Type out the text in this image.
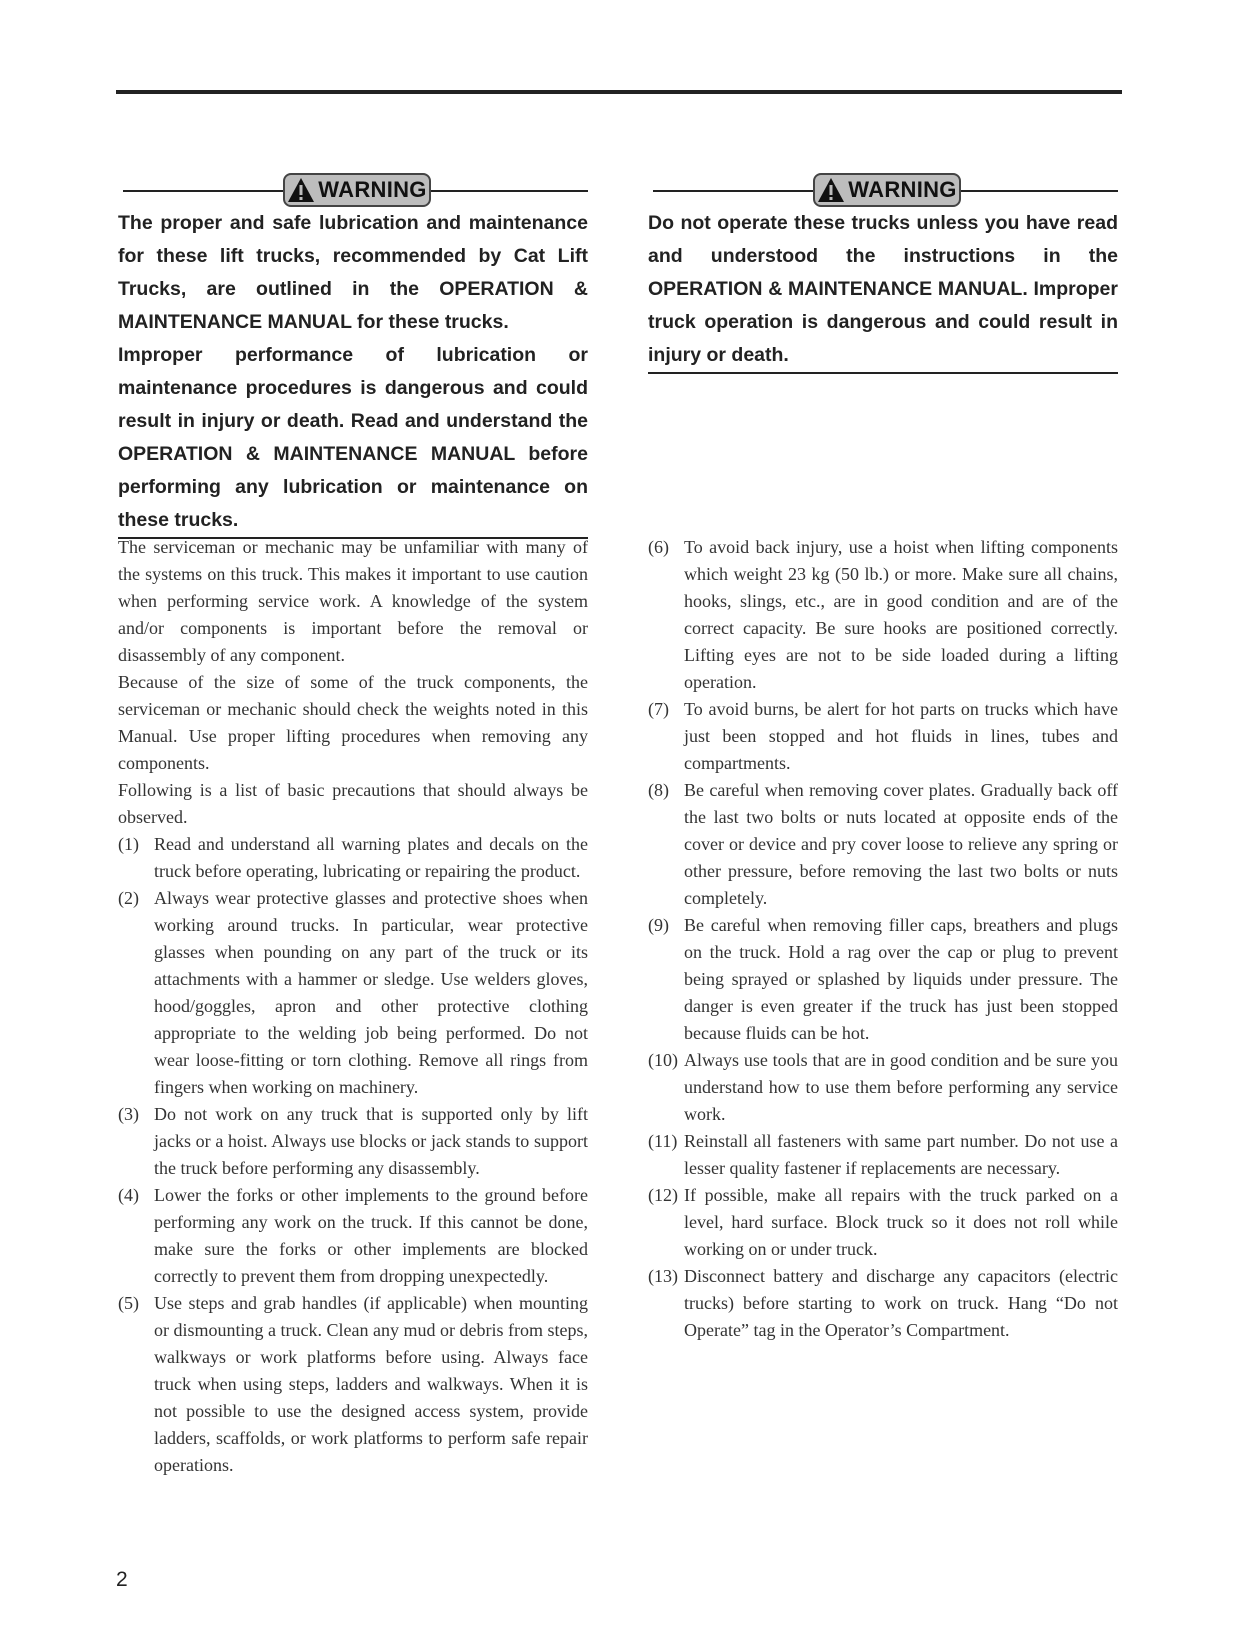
WARNING

The proper and safe lubrication and maintenance for these lift trucks, recommended by Cat Lift Trucks, are outlined in the OPERATION & MAINTENANCE MANUAL for these trucks.

Improper performance of lubrication or maintenance procedures is dangerous and could result in injury or death. Read and understand the OPERATION & MAINTENANCE MANUAL before performing any lubrication or maintenance on these trucks.

WARNING

Do not operate these trucks unless you have read and understood the instructions in the OPERATION & MAINTENANCE MANUAL. Improper truck operation is dangerous and could result in injury or death.

The serviceman or mechanic may be unfamiliar with many of the systems on this truck. This makes it important to use caution when performing service work. A knowledge of the system and/or components is important before the removal or disassembly of any component.

Because of the size of some of the truck components, the serviceman or mechanic should check the weights noted in this Manual. Use proper lifting procedures when removing any components.

Following is a list of basic precautions that should always be observed.

(1) Read and understand all warning plates and decals on the truck before operating, lubricating or repairing the product.
(2) Always wear protective glasses and protective shoes when working around trucks. In particular, wear protective glasses when pounding on any part of the truck or its attachments with a hammer or sledge. Use welders gloves, hood/goggles, apron and other protective clothing appropriate to the welding job being performed. Do not wear loose-fitting or torn clothing. Remove all rings from fingers when working on machinery.
(3) Do not work on any truck that is supported only by lift jacks or a hoist. Always use blocks or jack stands to support the truck before performing any disassembly.
(4) Lower the forks or other implements to the ground before performing any work on the truck. If this cannot be done, make sure the forks or other implements are blocked correctly to prevent them from dropping unexpectedly.
(5) Use steps and grab handles (if applicable) when mounting or dismounting a truck. Clean any mud or debris from steps, walkways or work platforms before using. Always face truck when using steps, ladders and walkways. When it is not possible to use the designed access system, provide ladders, scaffolds, or work platforms to perform safe repair operations.
(6) To avoid back injury, use a hoist when lifting components which weight 23 kg (50 lb.) or more. Make sure all chains, hooks, slings, etc., are in good condition and are of the correct capacity. Be sure hooks are positioned correctly. Lifting eyes are not to be side loaded during a lifting operation.
(7) To avoid burns, be alert for hot parts on trucks which have just been stopped and hot fluids in lines, tubes and compartments.
(8) Be careful when removing cover plates. Gradually back off the last two bolts or nuts located at opposite ends of the cover or device and pry cover loose to relieve any spring or other pressure, before removing the last two bolts or nuts completely.
(9) Be careful when removing filler caps, breathers and plugs on the truck. Hold a rag over the cap or plug to prevent being sprayed or splashed by liquids under pressure. The danger is even greater if the truck has just been stopped because fluids can be hot.
(10) Always use tools that are in good condition and be sure you understand how to use them before performing any service work.
(11) Reinstall all fasteners with same part number. Do not use a lesser quality fastener if replacements are necessary.
(12) If possible, make all repairs with the truck parked on a level, hard surface. Block truck so it does not roll while working on or under truck.
(13) Disconnect battery and discharge any capacitors (electric trucks) before starting to work on truck. Hang “Do not Operate” tag in the Operator’s Compartment.
2
